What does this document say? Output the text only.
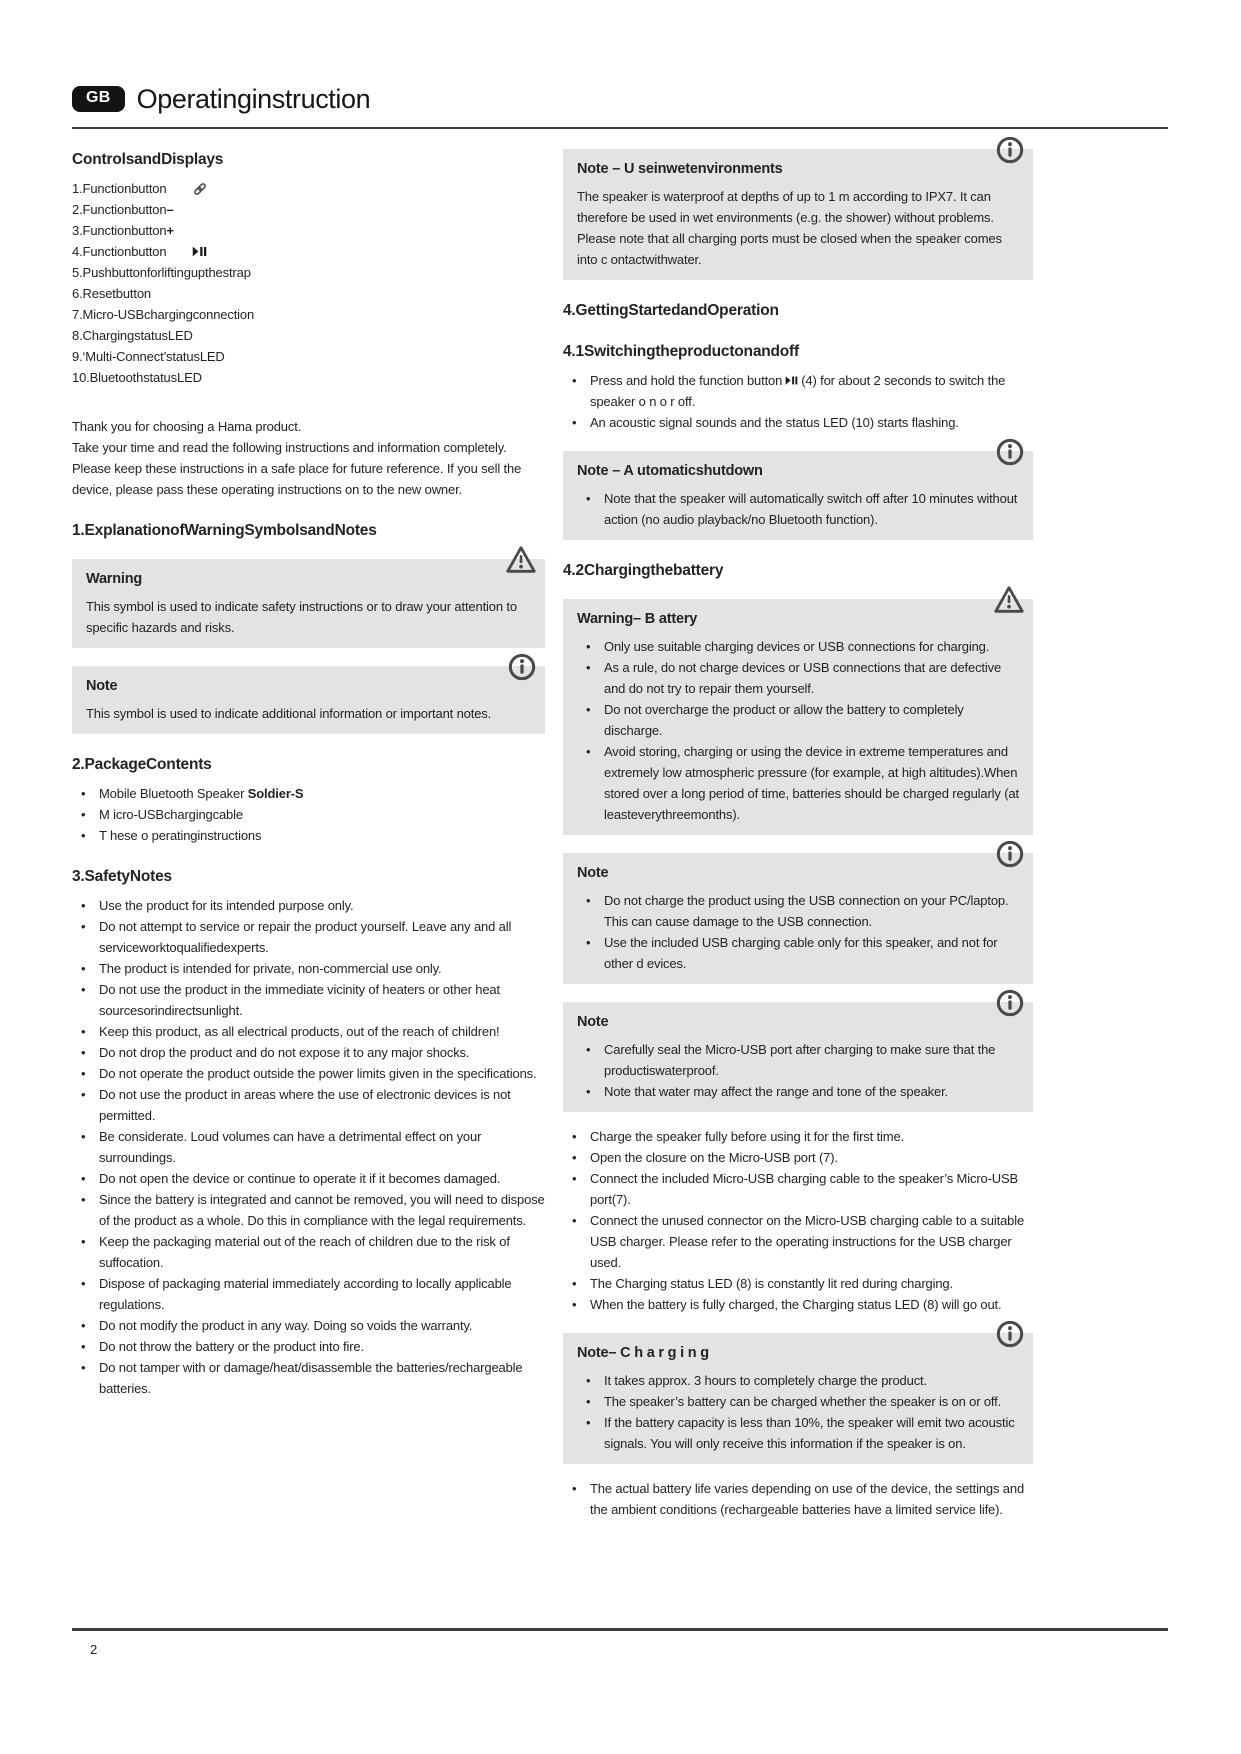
GB Operatinginstruction
ControlsandDisplays
1.Functionbutton
2.Functionbutton –
3.Functionbutton +
4.Functionbutton
5.Pushbuttonforliftingupthestrap
6.Resetbutton
7.Micro-USBchargingconnection
8.ChargingstatusLED
9.‘Multi-Connect’statusLED
10.BluetoothstatusLED

Thank you for choosing a Hama product.

Take your time and read the following instructions and information completely. Please keep these instructions in a safe place for future reference. If you sell the device, please pass these operating instructions on to the new owner.

1.ExplanationofWarningSymbolsandNotes
Warning

This symbol is used to indicate safety instructions or to draw your attention to specific hazards and risks.

Note

This symbol is used to indicate additional information or important notes.

2.PackageContents
• Mobile Bluetooth Speaker Soldier-S
• M icro-USBchargingcable
• T hese o peratinginstructions
3.SafetyNotes
• Use the product for its intended purpose only.
• Do not attempt to service or repair the product yourself. Leave any and all serviceworktoqualifiedexperts.
• The product is intended for private, non-commercial use only.
• Do not use the product in the immediate vicinity of heaters or other heat sourcesorindirectsunlight.
• Keep this product, as all electrical products, out of the reach of children!
• Do not drop the product and do not expose it to any major shocks.
• Do not operate the product outside the power limits given in the specifications.
• Do not use the product in areas where the use of electronic devices is not permitted.
• Be considerate. Loud volumes can have a detrimental effect on your surroundings.
• Do not open the device or continue to operate it if it becomes damaged.
• Since the battery is integrated and cannot be removed, you will need to dispose of the product as a whole. Do this in compliance with the legal requirements.
• Keep the packaging material out of the reach of children due to the risk of suffocation.
• Dispose of packaging material immediately according to locally applicable regulations.
• Do not modify the product in any way. Doing so voids the warranty.
• Do not throw the battery or the product into fire.
• Do not tamper with or damage/heat/disassemble the batteries/rechargeable batteries.
Note – U seinwetenvironments

The speaker is waterproof at depths of up to 1 m according to IPX7. It can therefore be used in wet environments (e.g. the shower) without problems. Please note that all charging ports must be closed when the speaker comes into c ontactwithwater.

4.GettingStartedandOperation
4.1Switchingtheproductonandoff
• Press and hold the function button (4) for about 2 seconds to switch the speaker o n o r off.
• An acoustic signal sounds and the status LED (10) starts flashing.
Note – A utomaticshutdown
• Note that the speaker will automatically switch off after 10 minutes without action (no audio playback/no Bluetooth function).
4.2Chargingthebattery
Warning– B attery
• Only use suitable charging devices or USB connections for charging.
• As a rule, do not charge devices or USB connections that are defective and do not try to repair them yourself.
• Do not overcharge the product or allow the battery to completely discharge.
• Avoid storing, charging or using the device in extreme temperatures and extremely low atmospheric pressure (for example, at high altitudes).When stored over a long period of time, batteries should be charged regularly (at leasteverythreemonths).
Note
• Do not charge the product using the USB connection on your PC/laptop. This can cause damage to the USB connection.
• Use the included USB charging cable only for this speaker, and not for other d evices.
Note
• Carefully seal the Micro-USB port after charging to make sure that the productiswaterproof.
• Note that water may affect the range and tone of the speaker.
• Charge the speaker fully before using it for the first time.
• Open the closure on the Micro-USB port (7).
• Connect the included Micro-USB charging cable to the speaker’s Micro-USB port(7).
• Connect the unused connector on the Micro-USB charging cable to a suitable USB charger. Please refer to the operating instructions for the USB charger used.
• The Charging status LED (8) is constantly lit red during charging.
• When the battery is fully charged, the Charging status LED (8) will go out.
Note– C h a r g i n g
• It takes approx. 3 hours to completely charge the product.
• The speaker’s battery can be charged whether the speaker is on or off.
• If the battery capacity is less than 10%, the speaker will emit two acoustic signals. You will only receive this information if the speaker is on.
• The actual battery life varies depending on use of the device, the settings and the ambient conditions (rechargeable batteries have a limited service life).
2
